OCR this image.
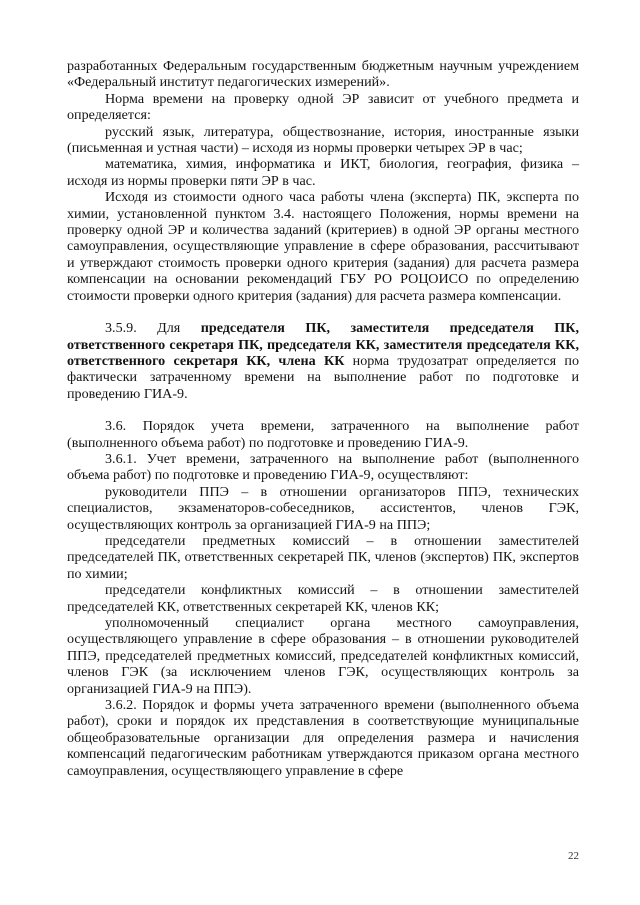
разработанных Федеральным государственным бюджетным научным учреждением «Федеральный институт педагогических измерений».

Норма времени на проверку одной ЭР зависит от учебного предмета и определяется:

русский язык, литература, обществознание, история, иностранные языки (письменная и устная части) – исходя из нормы проверки четырех ЭР в час;

математика, химия, информатика и ИКТ, биология, география, физика – исходя из нормы проверки пяти ЭР в час.

Исходя из стоимости одного часа работы члена (эксперта) ПК, эксперта по химии, установленной пунктом 3.4. настоящего Положения, нормы времени на проверку одной ЭР и количества заданий (критериев) в одной ЭР органы местного самоуправления, осуществляющие управление в сфере образования, рассчитывают и утверждают стоимость проверки одного критерия (задания) для расчета размера компенсации на основании рекомендаций ГБУ РО РОЦОИСО по определению стоимости проверки одного критерия (задания) для расчета размера компенсации.

3.5.9. Для председателя ПК, заместителя председателя ПК, ответственного секретаря ПК, председателя КК, заместителя председателя КК, ответственного секретаря КК, члена КК норма трудозатрат определяется по фактически затраченному времени на выполнение работ по подготовке и проведению ГИА-9.

3.6. Порядок учета времени, затраченного на выполнение работ (выполненного объема работ) по подготовке и проведению ГИА-9.

3.6.1. Учет времени, затраченного на выполнение работ (выполненного объема работ) по подготовке и проведению ГИА-9, осуществляют:

руководители ППЭ – в отношении организаторов ППЭ, технических специалистов, экзаменаторов-собеседников, ассистентов, членов ГЭК, осуществляющих контроль за организацией ГИА-9 на ППЭ;

председатели предметных комиссий – в отношении заместителей председателей ПК, ответственных секретарей ПК, членов (экспертов) ПК, экспертов по химии;

председатели конфликтных комиссий – в отношении заместителей председателей КК, ответственных секретарей КК, членов КК;

уполномоченный специалист органа местного самоуправления, осуществляющего управление в сфере образования – в отношении руководителей ППЭ, председателей предметных комиссий, председателей конфликтных комиссий, членов ГЭК (за исключением членов ГЭК, осуществляющих контроль за организацией ГИА-9 на ППЭ).

3.6.2. Порядок и формы учета затраченного времени (выполненного объема работ), сроки и порядок их представления в соответствующие муниципальные общеобразовательные организации для определения размера и начисления компенсаций педагогическим работникам утверждаются приказом органа местного самоуправления, осуществляющего управление в сфере

22
